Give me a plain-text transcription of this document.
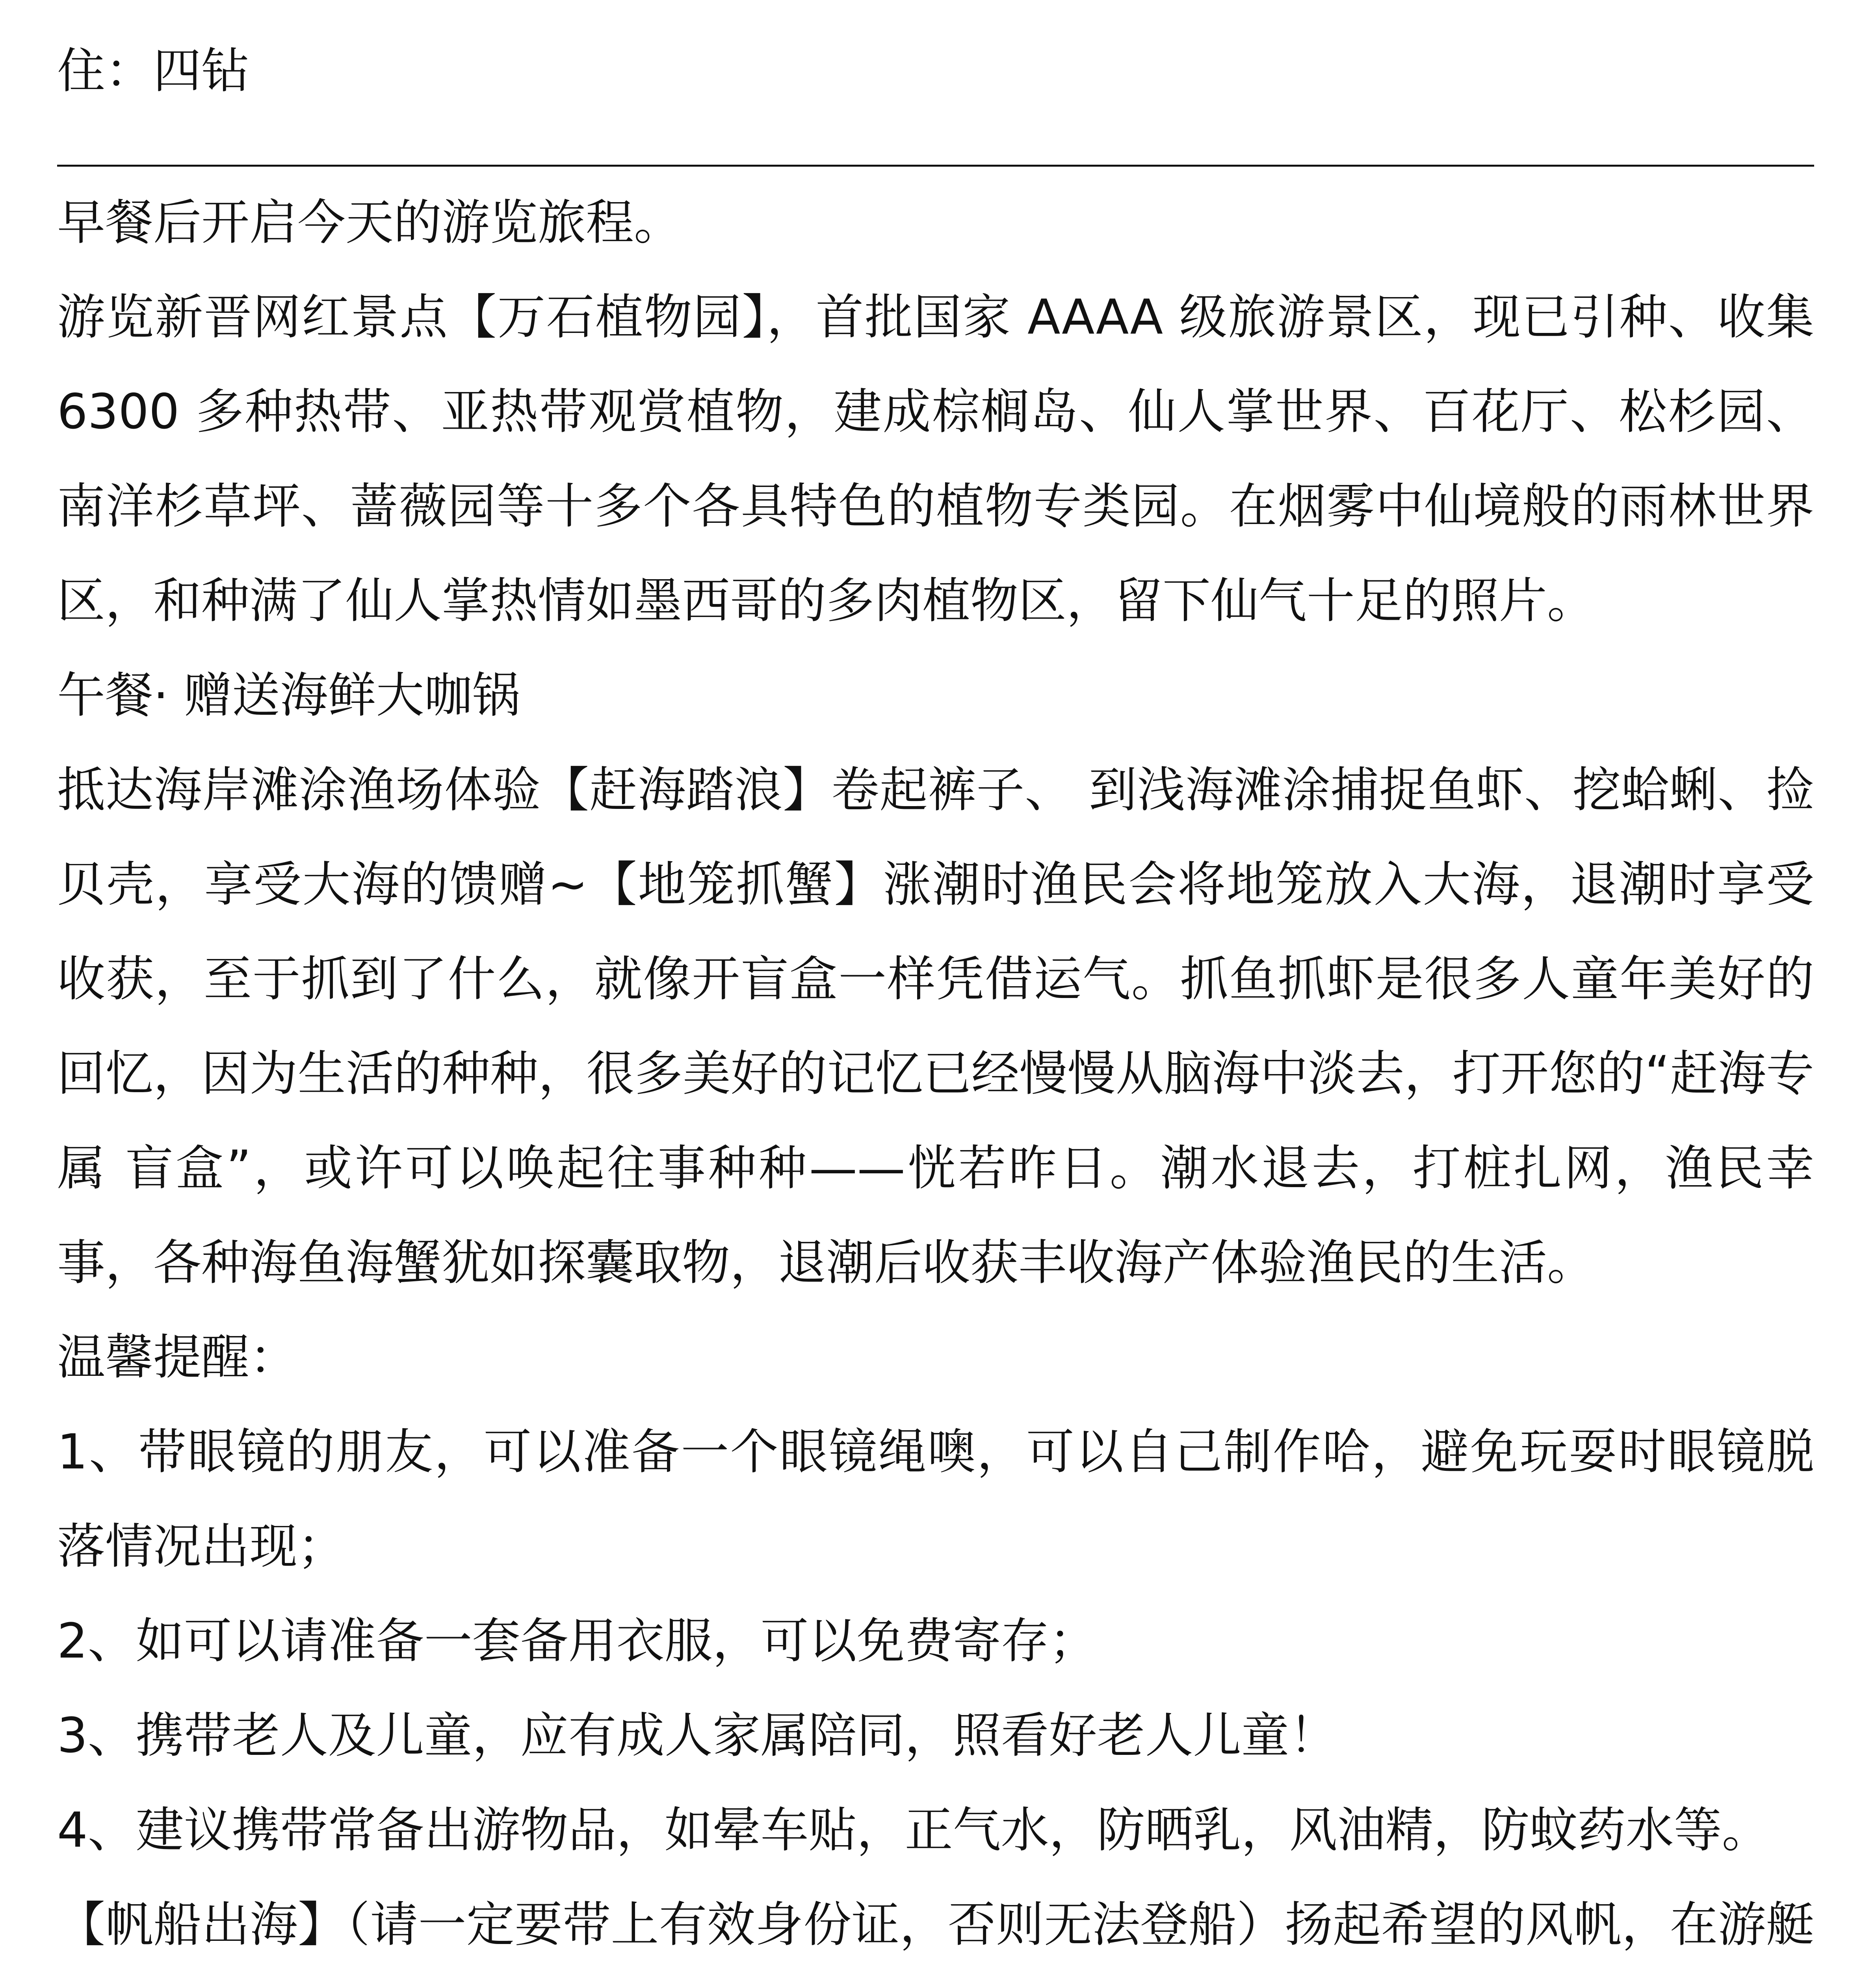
住：四钻

早餐后开启今天的游览旅程。

游览新晋网红景点【万石植物园】，首批国家 AAAA 级旅游景区，现已引种、收集 6300 多种热带、亚热带观赏植物，建成棕榈岛、仙人掌世界、百花厅、松杉园、南洋杉草坪、蔷薇园等十多个各具特色的植物专类园。在烟雾中仙境般的雨林世界区，和种满了仙人掌热情如墨西哥的多肉植物区，留下仙气十足的照片。

午餐· 赠送海鲜大咖锅

抵达海岸滩涂渔场体验【赶海踏浪】卷起裤子、 到浅海滩涂捕捉鱼虾、挖蛤蜊、捡贝壳，享受大海的馈赠~【地笼抓蟹】涨潮时渔民会将地笼放入大海，退潮时享受收获，至于抓到了什么，就像开盲盒一样凭借运气。抓鱼抓虾是很多人童年美好的回忆，因为生活的种种，很多美好的记忆已经慢慢从脑海中淡去，打开您的“赶海专属 盲盒”，或许可以唤起往事种种——恍若昨日。潮水退去，打桩扎网，渔民幸事，各种海鱼海蟹犹如探囊取物，退潮后收获丰收海产体验渔民的生活。

温馨提醒：

1、带眼镜的朋友，可以准备一个眼镜绳噢，可以自己制作哈，避免玩耍时眼镜脱落情况出现；

2、如可以请准备一套备用衣服，可以免费寄存；

3、携带老人及儿童，应有成人家属陪同，照看好老人儿童！

4、建议携带常备出游物品，如晕车贴，正气水，防晒乳，风油精，防蚊药水等。

【帆船出海】（请一定要带上有效身份证，否则无法登船）扬起希望的风帆，在游艇
